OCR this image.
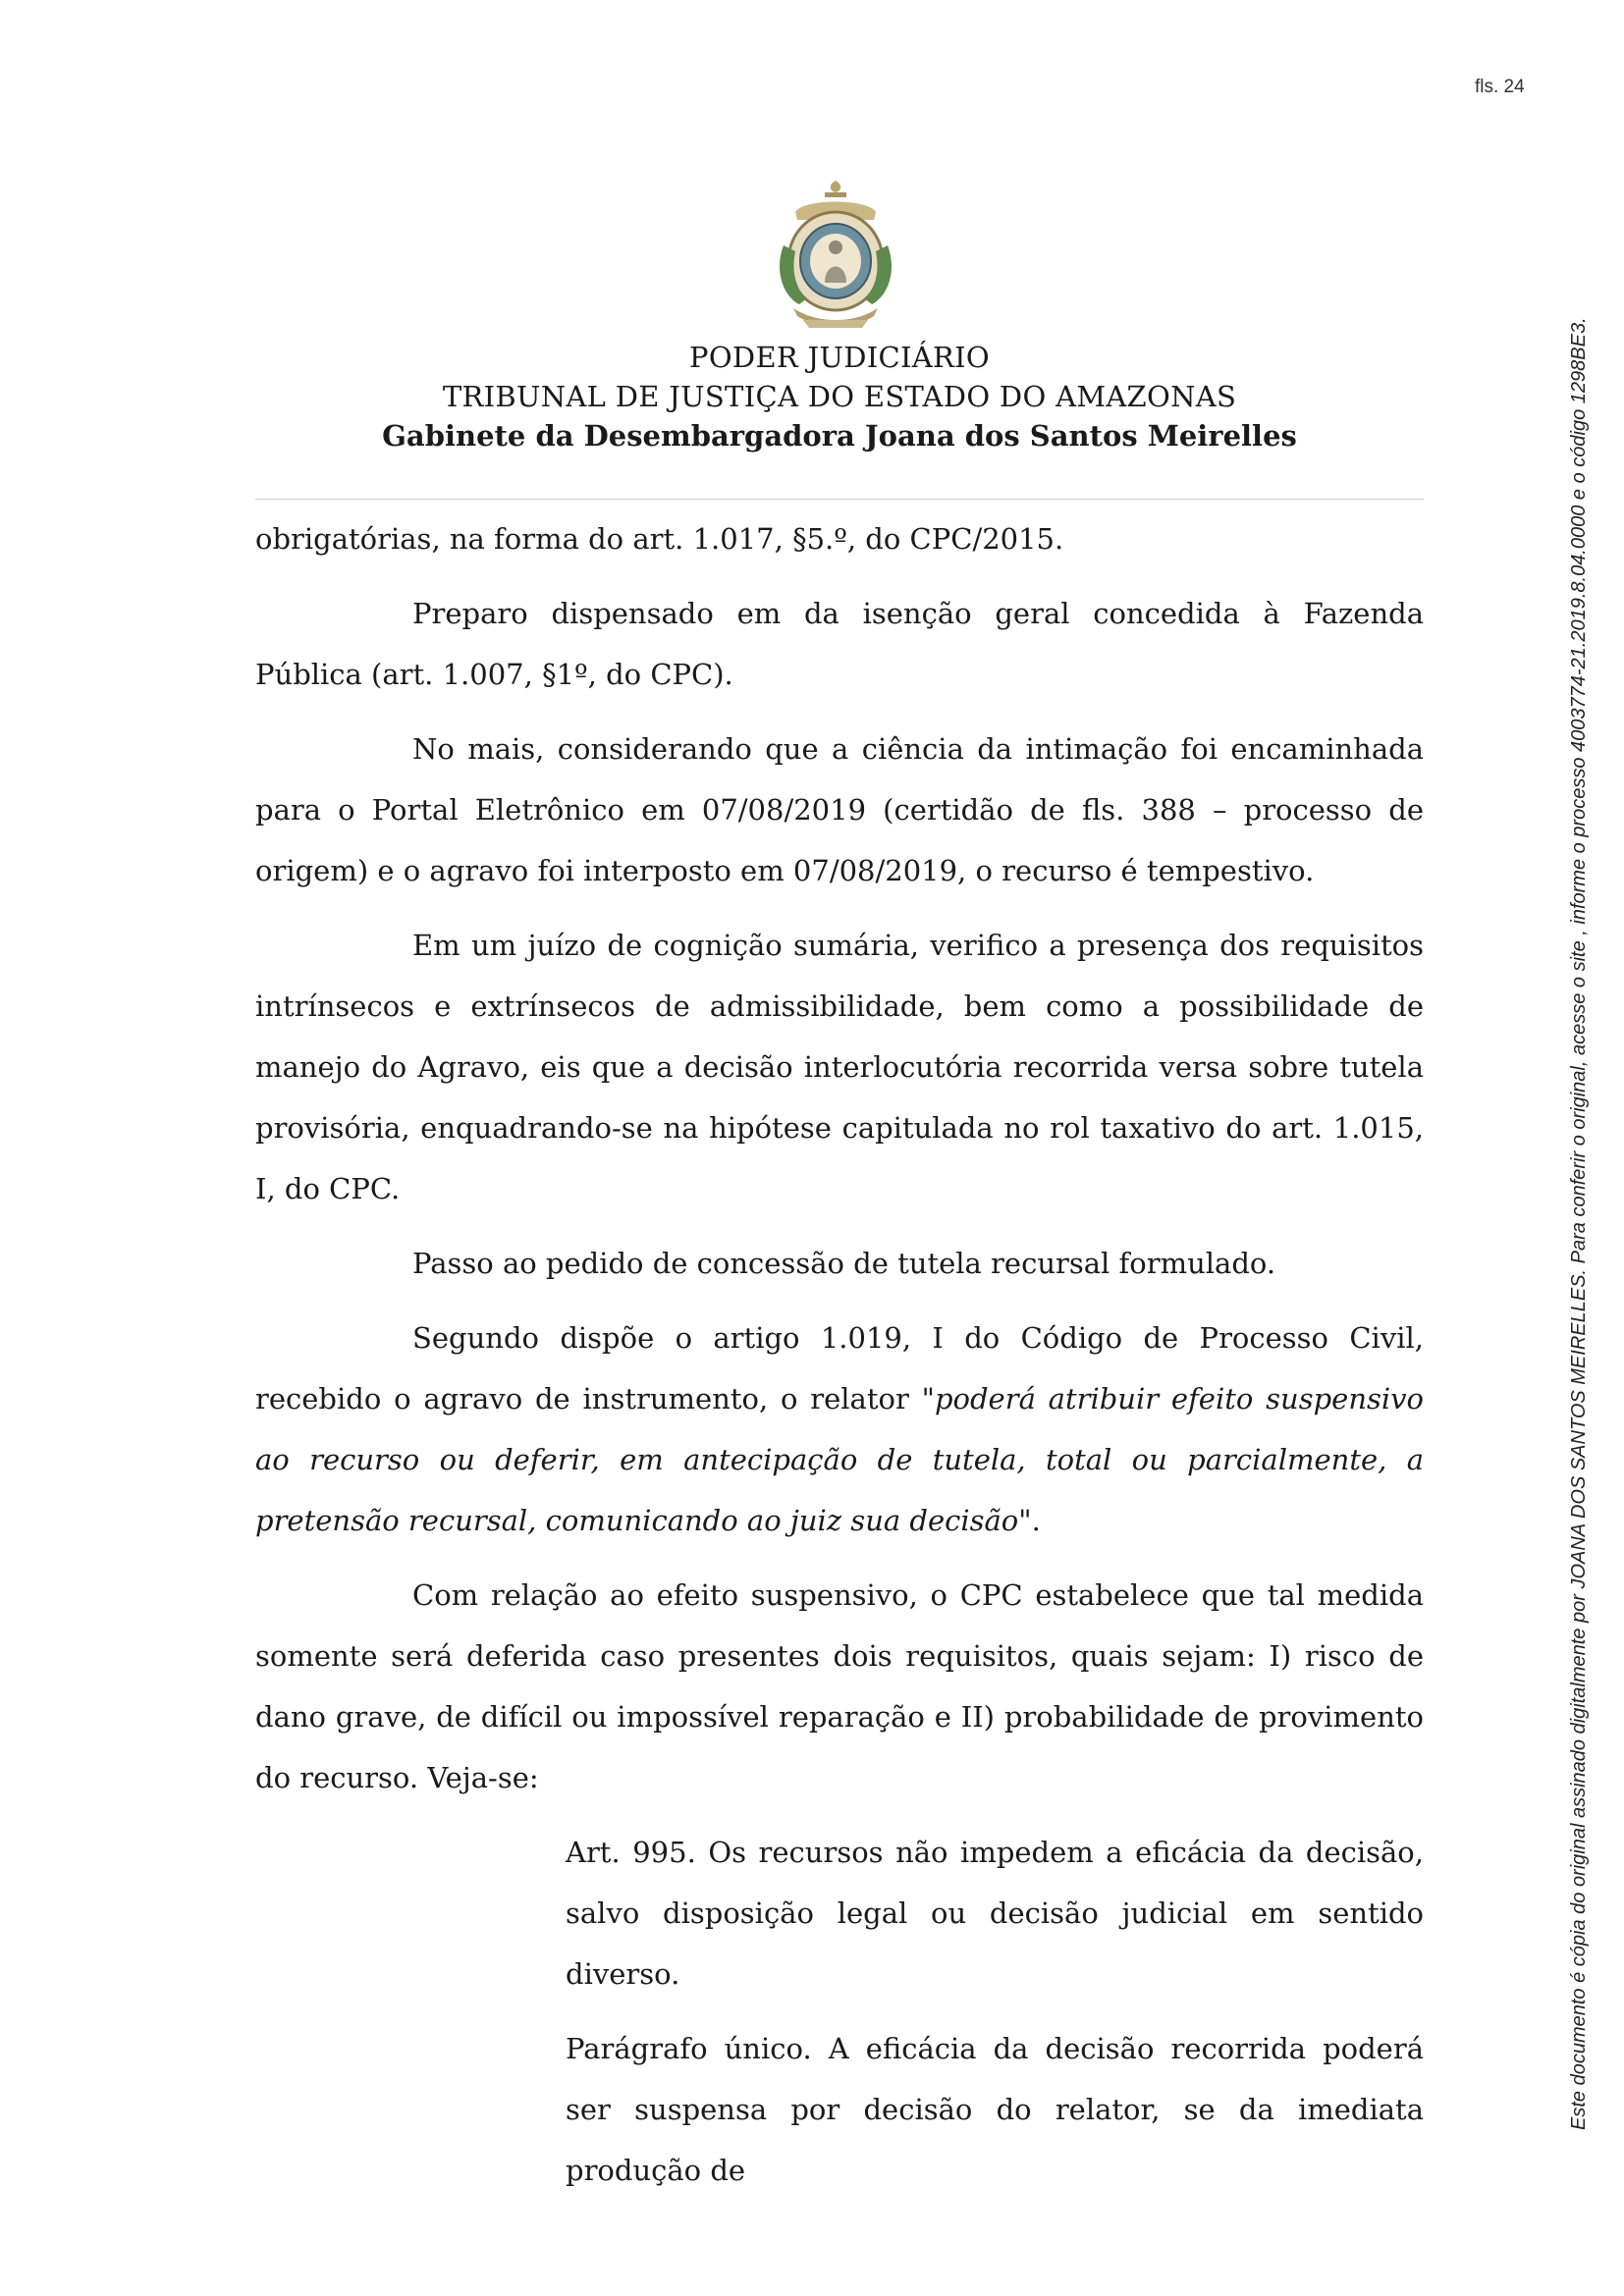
fls. 24
PODER JUDICIÁRIO
TRIBUNAL DE JUSTIÇA DO ESTADO DO AMAZONAS
Gabinete da Desembargadora Joana dos Santos Meirelles

obrigatórias, na forma do art. 1.017, §5.º, do CPC/2015.

Preparo dispensado em da isenção geral concedida à Fazenda Pública (art. 1.007, §1º, do CPC).

No mais, considerando que a ciência da intimação foi encaminhada para o Portal Eletrônico em 07/08/2019 (certidão de fls. 388 – processo de origem) e o agravo foi interposto em 07/08/2019, o recurso é tempestivo.

Em um juízo de cognição sumária, verifico a presença dos requisitos intrínsecos e extrínsecos de admissibilidade, bem como a possibilidade de manejo do Agravo, eis que a decisão interlocutória recorrida versa sobre tutela provisória, enquadrando-se na hipótese capitulada no rol taxativo do art. 1.015, I, do CPC.

Passo ao pedido de concessão de tutela recursal formulado.

Segundo dispõe o artigo 1.019, I do Código de Processo Civil, recebido o agravo de instrumento, o relator "poderá atribuir efeito suspensivo ao recurso ou deferir, em antecipação de tutela, total ou parcialmente, a pretensão recursal, comunicando ao juiz sua decisão".

Com relação ao efeito suspensivo, o CPC estabelece que tal medida somente será deferida caso presentes dois requisitos, quais sejam: I) risco de dano grave, de difícil ou impossível reparação e II) probabilidade de provimento do recurso. Veja-se:

Art. 995. Os recursos não impedem a eficácia da decisão, salvo disposição legal ou decisão judicial em sentido diverso.

Parágrafo único. A eficácia da decisão recorrida poderá ser suspensa por decisão do relator, se da imediata produção de

Este documento é cópia do original assinado digitalmente por JOANA DOS SANTOS MEIRELLES. Para conferir o original, acesse o site , informe o processo 4003774-21.2019.8.04.0000 e o código 1298BE3.
